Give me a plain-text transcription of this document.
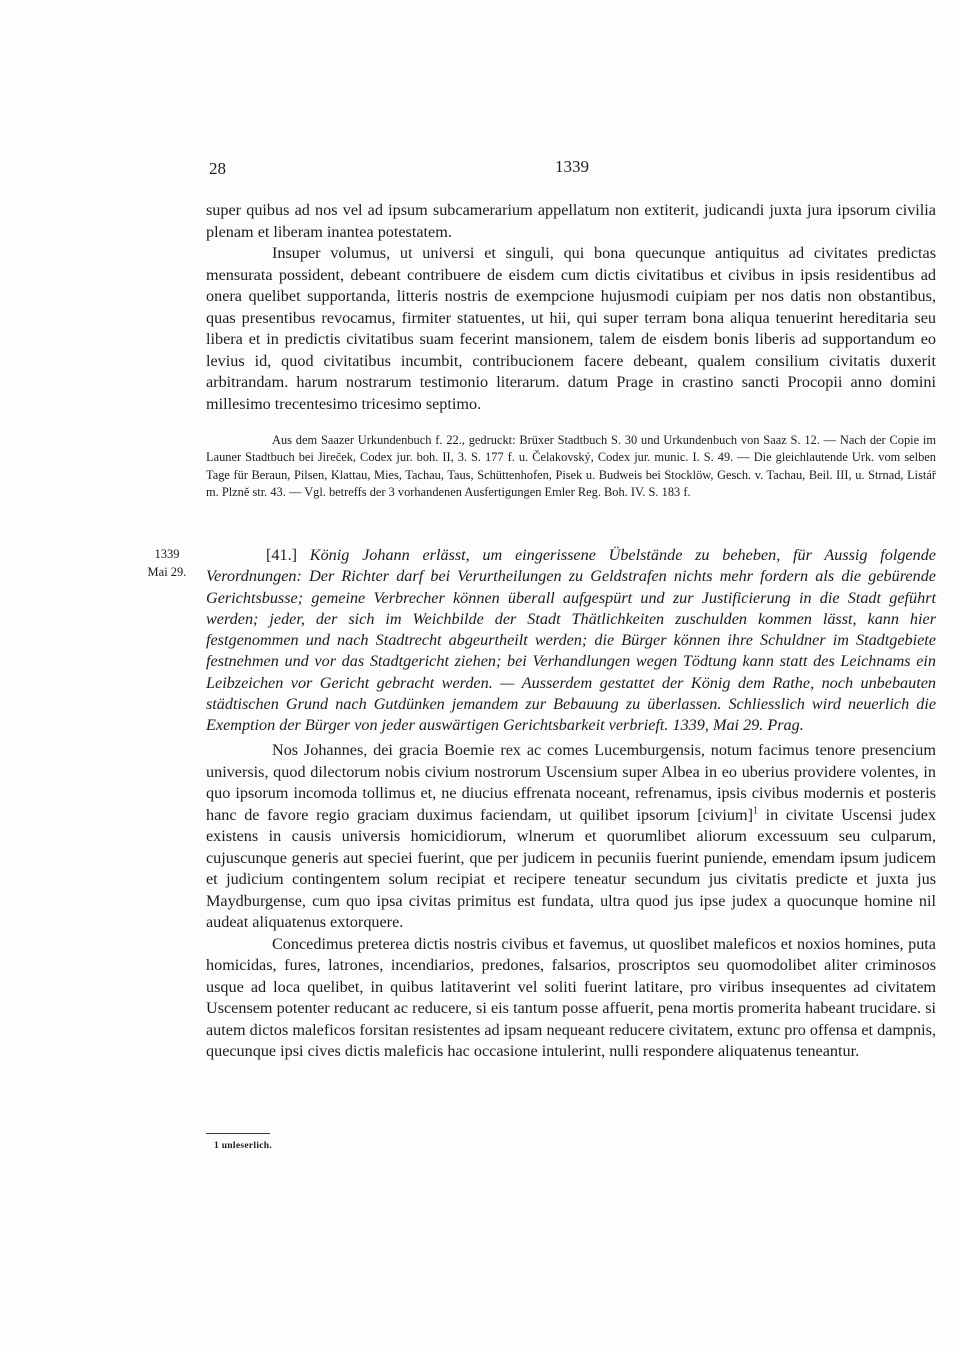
28	1339

super quibus ad nos vel ad ipsum subcamerarium appellatum non extiterit, judicandi juxta jura ipsorum civilia plenam et liberam inantea potestatem.

Insuper volumus, ut universi et singuli, qui bona quecunque antiquitus ad civitates predictas mensurata possident, debeant contribuere de eisdem cum dictis civitatibus et civibus in ipsis residentibus ad onera quelibet supportanda, litteris nostris de exempcione hujusmodi cuipiam per nos datis non obstantibus, quas presentibus revocamus, firmiter statuentes, ut hii, qui super terram bona aliqua tenuerint hereditaria seu libera et in predictis civitatibus suam fecerint mansionem, talem de eisdem bonis liberis ad supportandum eo levius id, quod civitatibus incumbit, contribucionem facere debeant, qualem consilium civitatis duxerit arbitrandam. harum nostrarum testimonio literarum. datum Prage in crastino sancti Procopii anno domini millesimo trecentesimo tricesimo septimo.

Aus dem Saazer Urkundenbuch f. 22., gedruckt: Brüxer Stadtbuch S. 30 und Urkundenbuch von Saaz S. 12. — Nach der Copie im Launer Stadtbuch bei Jireček, Codex jur. boh. II, 3. S. 177 f. u. Čelakovský, Codex jur. munic. I. S. 49. — Die gleichlautende Urk. vom selben Tage für Beraun, Pilsen, Klattau, Mies, Tachau, Taus, Schüttenhofen, Pisek u. Budweis bei Stocklöw, Gesch. v. Tachau, Beil. III, u. Strnad, Listář m. Plzně str. 43. — Vgl. betreffs der 3 vorhandenen Ausfertigungen Emler Reg. Boh. IV. S. 183 f.

1339
Mai 29.

[41.] König Johann erlässt, um eingerissene Übelstände zu beheben, für Aussig folgende Verordnungen: Der Richter darf bei Verurtheilungen zu Geldstrafen nichts mehr fordern als die gebürende Gerichtsbusse; gemeine Verbrecher können überall aufgespürt und zur Justificierung in die Stadt geführt werden; jeder, der sich im Weichbilde der Stadt Thätlichkeiten zuschulden kommen lässt, kann hier festgenommen und nach Stadtrecht abgeurtheilt werden; die Bürger können ihre Schuldner im Stadtgebiete festnehmen und vor das Stadtgericht ziehen; bei Verhandlungen wegen Tödtung kann statt des Leichnams ein Leibzeichen vor Gericht gebracht werden. — Ausserdem gestattet der König dem Rathe, noch unbebauten städtischen Grund nach Gutdünken jemandem zur Bebauung zu überlassen. Schliesslich wird neuerlich die Exemption der Bürger von jeder auswärtigen Gerichtsbarkeit verbrieft. 1339, Mai 29. Prag.

Nos Johannes, dei gracia Boemie rex ac comes Lucemburgensis, notum facimus tenore presencium universis, quod dilectorum nobis civium nostrorum Uscensium super Albea in eo uberius providere volentes, in quo ipsorum incomoda tollimus et, ne diucius effrenata noceant, refrenamus, ipsis civibus modernis et posteris hanc de favore regio graciam duximus faciendam, ut quilibet ipsorum [civium]$^1$ in civitate Uscensi judex existens in causis universis homicidiorum, wlnerum et quorumlibet aliorum excessuum seu culparum, cujuscunque generis aut speciei fuerint, que per judicem in pecuniis fuerint puniende, emendam ipsum judicem et judicium contingentem solum recipiat et recipere teneatur secundum jus civitatis predicte et juxta jus Maydburgense, cum quo ipsa civitas primitus est fundata, ultra quod jus ipse judex a quocunque homine nil audeat aliquatenus extorquere.

Concedimus preterea dictis nostris civibus et favemus, ut quoslibet maleficos et noxios homines, puta homicidas, fures, latrones, incendiarios, predones, falsarios, proscriptos seu quomodolibet aliter criminosos usque ad loca quelibet, in quibus latitaverint vel soliti fuerint latitare, pro viribus insequentes ad civitatem Uscensem potenter reducant ac reducere, si eis tantum posse affuerit, pena mortis promerita habeant trucidare. si autem dictos maleficos forsitan resistentes ad ipsam nequeant reducere civitatem, extunc pro offensa et dampnis, quecunque ipsi cives dictis maleficis hac occasione intulerint, nulli respondere aliquatenus teneantur.

1 unleserlich.
